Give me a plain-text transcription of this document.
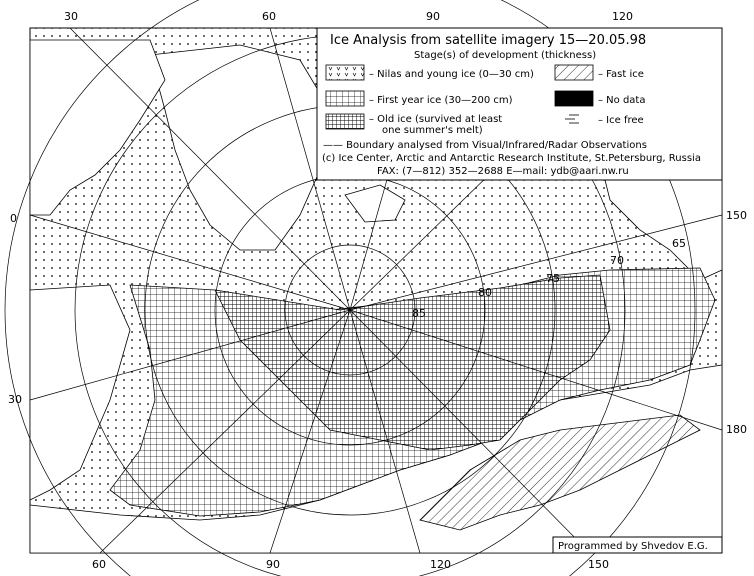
30	60	90	120
60	90	120	150
0
30
150
180
85
80
75
70
65
Ice Analysis from satellite imagery 15—20.05.98
Stage(s) of development (thickness)
– Nilas and young ice (0—30 cm)	– Fast ice
– First year ice (30—200 cm)	– No data
– Old ice (survived at least
one summer's melt)
– Ice free
—— Boundary analysed from Visual/Infrared/Radar Observations
(c) Ice Center, Arctic and Antarctic Research Institute, St.Petersburg, Russia
FAX: (7—812) 352—2688 E—mail: ydb@aari.nw.ru
Programmed by Shvedov E.G.
